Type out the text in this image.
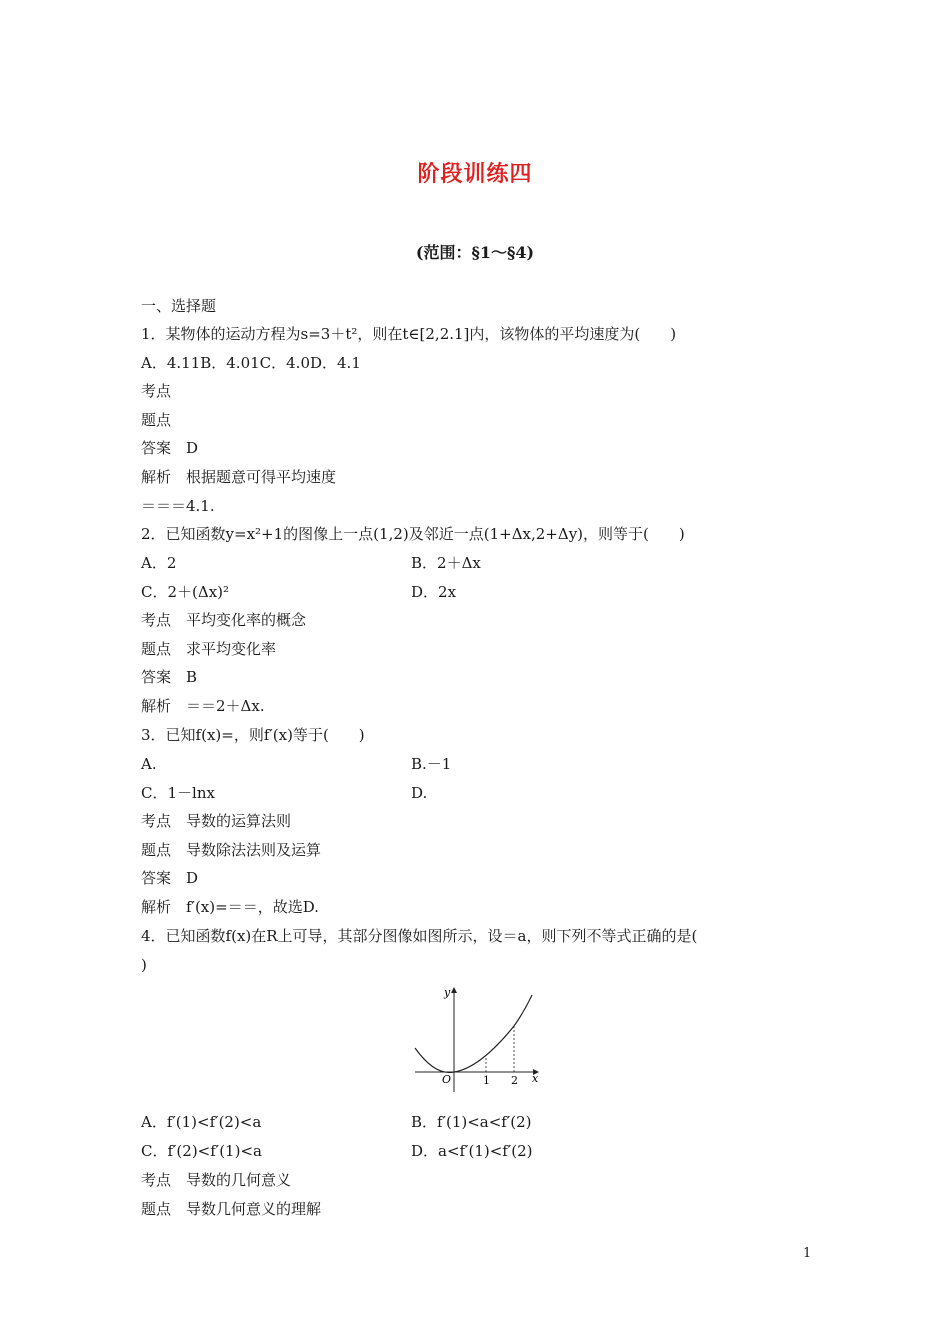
阶段训练四
(范围：§1～§4)
一、选择题
1．某物体的运动方程为s=3＋t²，则在t∈[2,2.1]内，该物体的平均速度为(　　)
A．4.11B．4.01C．4.0D．4.1
考点
题点
答案　D
解析　根据题意可得平均速度
＝＝＝4.1.
2．已知函数y=x²+1的图像上一点(1,2)及邻近一点(1+Δx,2+Δy)，则等于(　　)
A．2	B．2＋Δx
C．2＋(Δx)²	D．2x
考点　平均变化率的概念
题点　求平均变化率
答案　B
解析　＝＝2＋Δx.
3．已知f(x)=，则f′(x)等于(　　)
A.	B.－1
C．1－lnx	D.
考点　导数的运算法则
题点　导数除法法则及运算
答案　D
解析　f′(x)=＝＝，故选D.
4．已知函数f(x)在R上可导，其部分图像如图所示，设＝a，则下列不等式正确的是(
)
y
x
O	1 2
A．f′(1)<f′(2)<a	B．f′(1)<a<f′(2)
C．f′(2)<f′(1)<a	D．a<f′(1)<f′(2)
考点　导数的几何意义
题点　导数几何意义的理解
1
